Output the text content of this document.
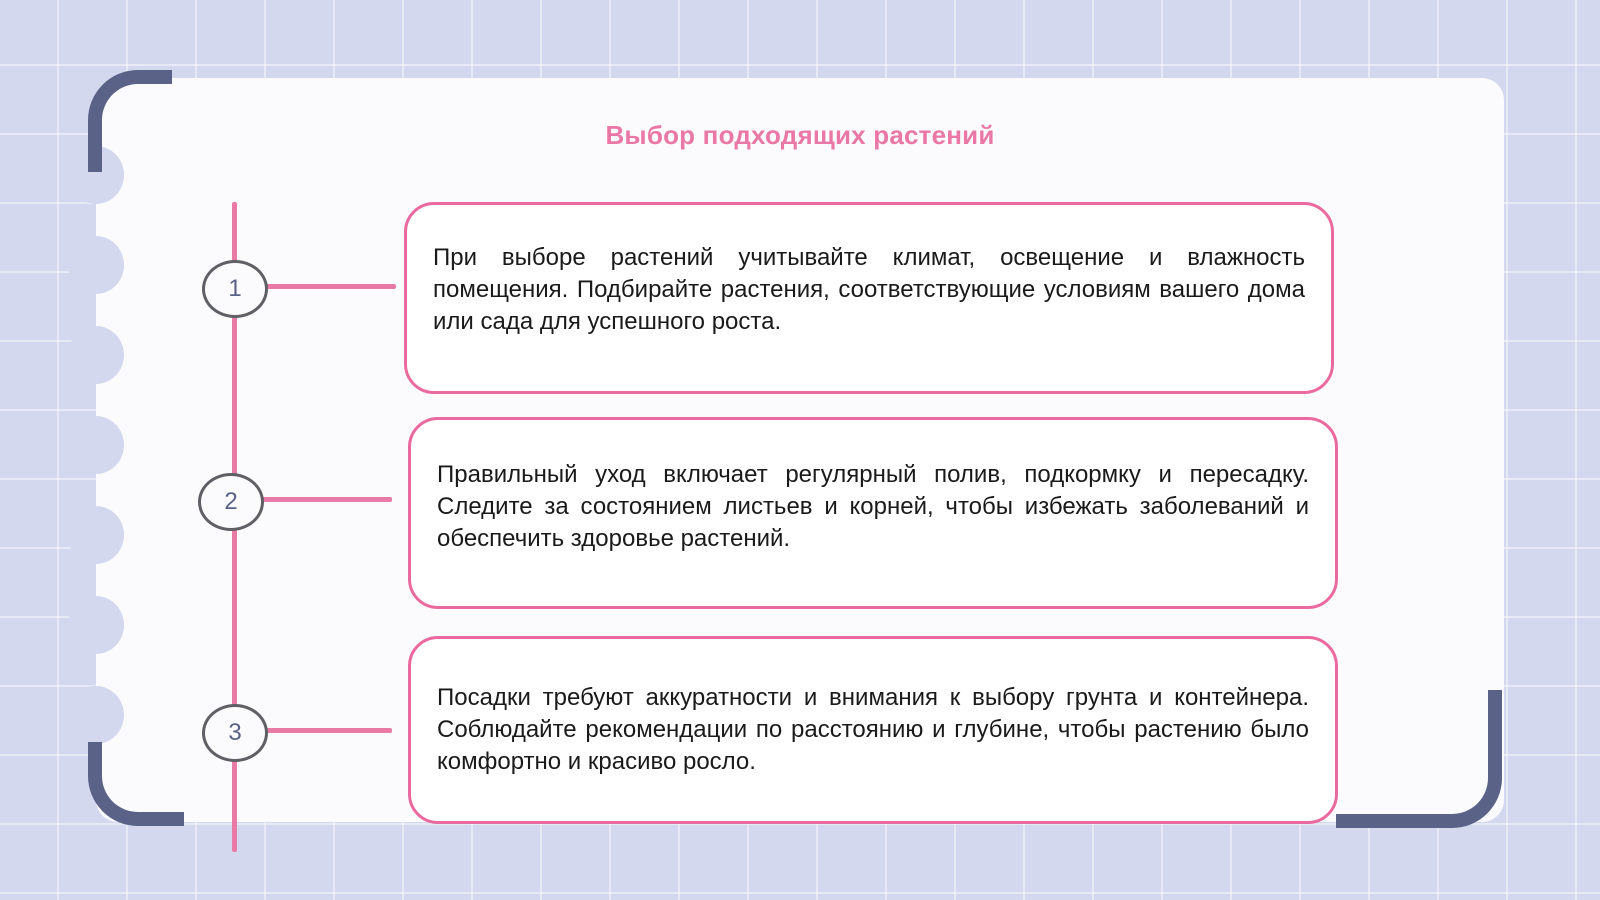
Выбор подходящих растений
1
2
3

При выборе растений учитывайте климат, освещение и влажность помещения. Подбирайте растения, соответствующие условиям вашего дома или сада для успешного роста.

Правильный уход включает регулярный полив, подкормку и пересадку. Следите за состоянием листьев и корней, чтобы избежать заболеваний и обеспечить здоровье растений.

Посадки требуют аккуратности и внимания к выбору грунта и контейнера. Соблюдайте рекомендации по расстоянию и глубине, чтобы растению было комфортно и красиво росло.
